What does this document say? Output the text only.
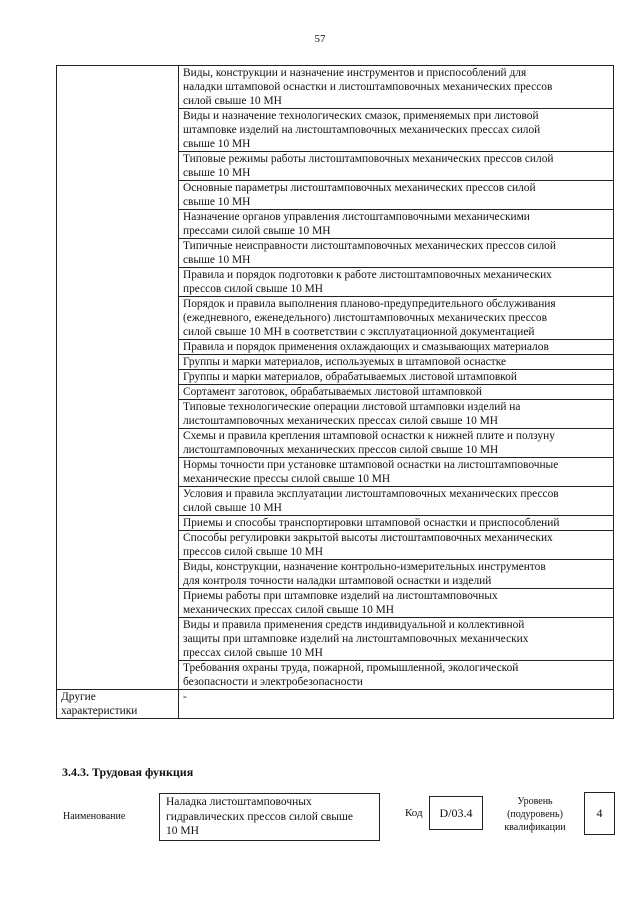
57

	Виды, конструкции и назначение инструментов и приспособлений для
наладки штамповой оснастки и листоштамповочных механических прессов
силой свыше 10 МН

	Виды и назначение технологических смазок, применяемых при листовой
штамповке изделий на листоштамповочных механических прессах силой
свыше 10 МН

	Типовые режимы работы листоштамповочных механических прессов силой
свыше 10 МН

	Основные параметры листоштамповочных механических прессов силой
свыше 10 МН

	Назначение органов управления листоштамповочными механическими
прессами силой свыше 10 МН

	Типичные неисправности листоштамповочных механических прессов силой
свыше 10 МН

	Правила и порядок подготовки к работе листоштамповочных механических
прессов силой свыше 10 МН

	Порядок и правила выполнения планово-предупредительного обслуживания
(ежедневного, еженедельного) листоштамповочных механических прессов
силой свыше 10 МН в соответствии с эксплуатационной документацией

	Правила и порядок применения охлаждающих и смазывающих материалов

	Группы и марки материалов, используемых в штамповой оснастке

	Группы и марки материалов, обрабатываемых листовой штамповкой

	Сортамент заготовок, обрабатываемых листовой штамповкой

	Типовые технологические операции листовой штамповки изделий на
листоштамповочных механических прессах силой свыше 10 МН

	Схемы и правила крепления штамповой оснастки к нижней плите и ползуну
листоштамповочных механических прессов силой свыше 10 МН

	Нормы точности при установке штамповой оснастки на листоштамповочные
механические прессы силой свыше 10 МН

	Условия и правила эксплуатации листоштамповочных механических прессов
силой свыше 10 МН

	Приемы и способы транспортировки штамповой оснастки и приспособлений

	Способы регулировки закрытой высоты листоштамповочных механических
прессов силой свыше 10 МН

	Виды, конструкции, назначение контрольно-измерительных инструментов
для контроля точности наладки штамповой оснастки и изделий

	Приемы работы при штамповке изделий на листоштамповочных
механических прессах силой свыше 10 МН

	Виды и правила применения средств индивидуальной и коллективной
защиты при штамповке изделий на листоштамповочных механических
прессах силой свыше 10 МН

	Требования охраны труда, пожарной, промышленной, экологической
безопасности и электробезопасности

Другие
характеристики	-
3.4.3. Трудовая функция
Наименование
Наладка листоштамповочных
гидравлических прессов силой свыше
10 МН
Код	D/03.4
Уровень
(подуровень)
квалификации
4
